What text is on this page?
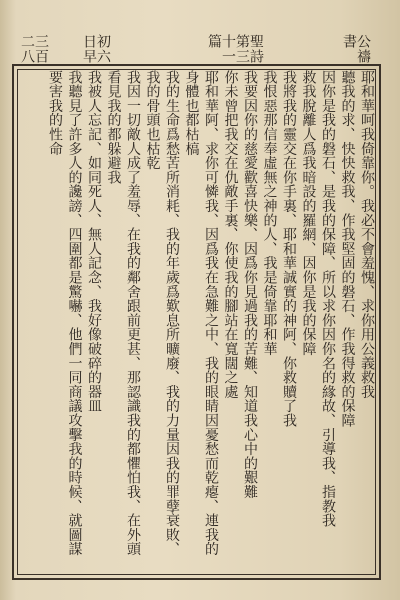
三百二八	初六日早	聖詩第三十一篇	公禱書
耶和華呵我倚靠你。我必不會羞愧、求你用公義救我
聽我的求、快快救我、作我堅固的磐石、作我得救的保障
因你是我的磐石、是我的保障、所以求你因你名的緣故、引導我、指教我
救我脫離人爲我暗設的羅網、因你是我的保障
我將我的靈交在你手裏、耶和華誠實的神阿、你救贖了我
我恨惡那信奉虛無之神的人、我是倚靠耶和華
我要因你的慈愛歡喜快樂、因爲你見過我的苦難、知道我心中的艱難
你未曾把我交在仇敵手裏、你使我的腳站在寬闊之處
耶和華阿、求你可憐我、因爲我在急難之中、我的眼睛因憂愁而乾瘪、連我的身體也都枯槁
我的生命爲愁苦所消耗、我的年歲爲歎息所曠廢、我的力量因我的罪孽衰敗、我的骨頭也枯乾
我因一切敵人成了羞辱、在我的鄰舍跟前更甚、那認識我的都懼怕我、在外頭看見我的都躲避我
我被人忘記、如同死人、無人記念、我好像破碎的器皿
我聽見了許多人的讒謗、四圍都是驚嚇、他們一同商議攻擊我的時候、就圖謀要害我的性命
